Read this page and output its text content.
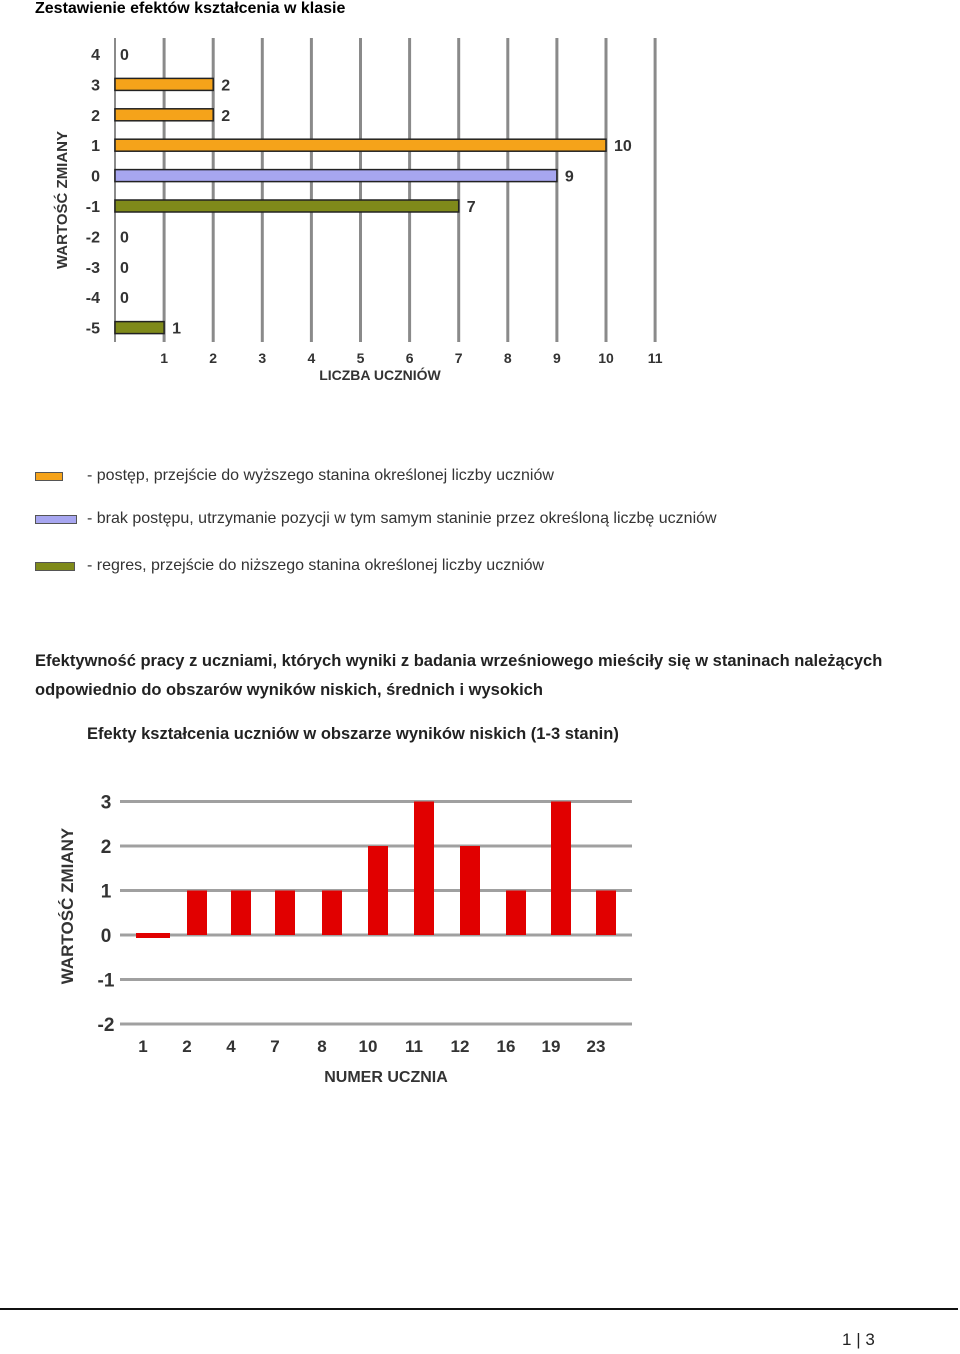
Zestawienie efektów kształcenia w klasie
0
2
2
10
9
7
0
0
0
1
4
3
2
1
0
-1
-2
-3
-4
-5
1	2	3	4	5	6	7	8	9	10 11
WARTOŚĆ ZMIANY
LICZBA UCZNIÓW
- postęp, przejście do wyższego stanina określonej liczby uczniów
- brak postępu, utrzymanie pozycji w tym samym staninie przez określoną liczbę uczniów
- regres, przejście do niższego stanina określonej liczby uczniów
Efektywność pracy z uczniami, których wyniki z badania wrześniowego mieściły się w staninach należących odpowiednio do obszarów wyników niskich, średnich i wysokich
Efekty kształcenia uczniów w obszarze wyników niskich (1-3 stanin)
3
2
1
0
-1
-2
1 2 4 7 8 10 11 12 16 19 23
WARTOŚĆ ZMIANY
NUMER UCZNIA
1 | 3
